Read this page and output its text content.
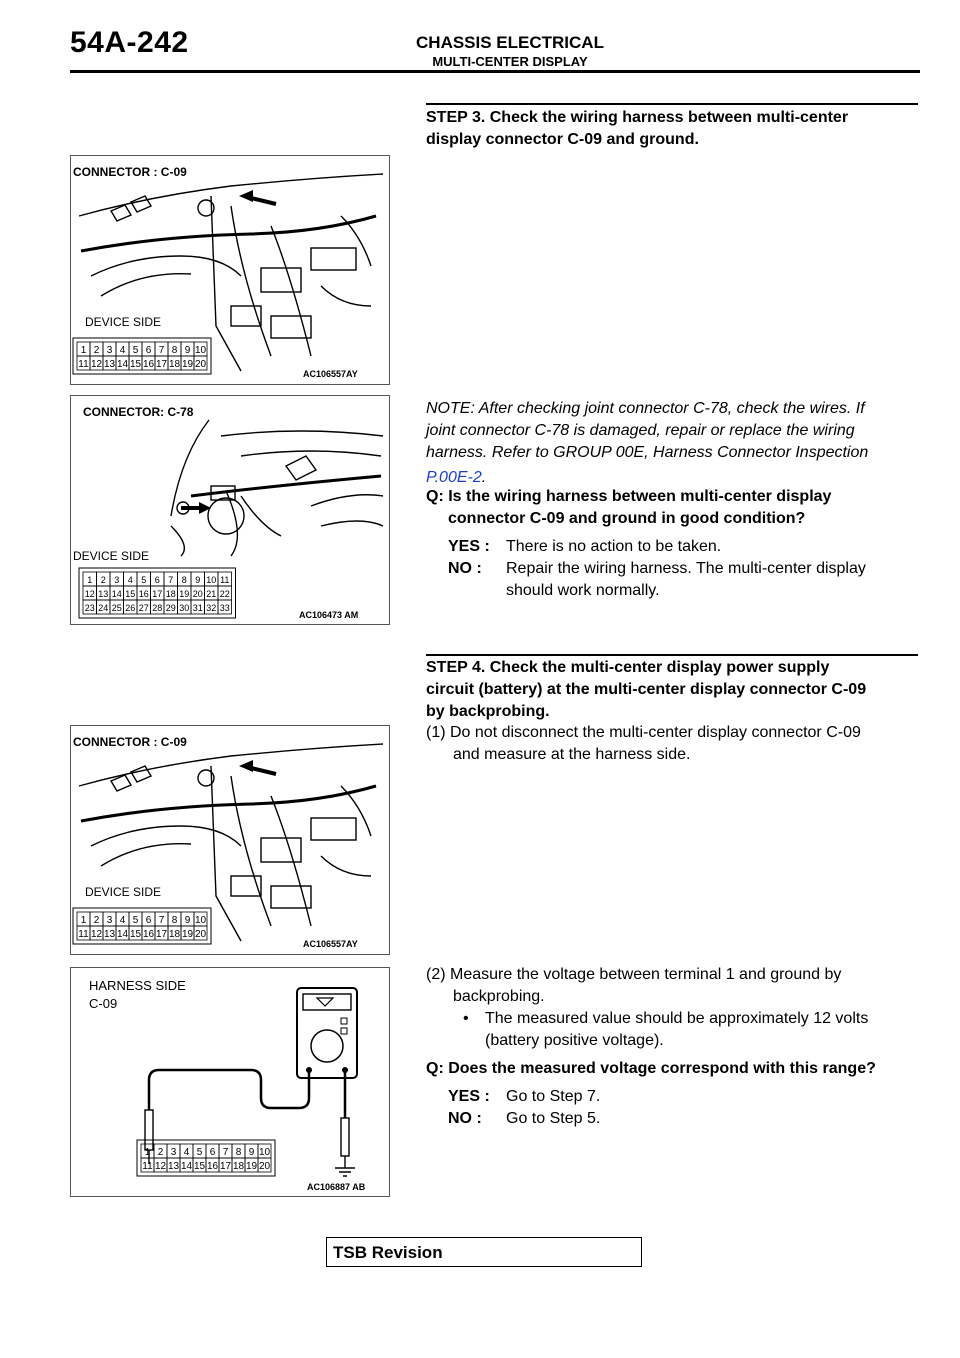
54A-242	CHASSIS ELECTRICAL
MULTI-CENTER DISPLAY
STEP 3. Check the wiring harness between multi-center
display connector C-09 and ground.
CONNECTOR : C-09
DEVICE SIDE
1 2 3 4 5 6 7 8 9 10
11 12 13 14 15 16 17 18 19 20
AC106557AY
NOTE: After checking joint connector C-78, check the wires. If
joint connector C-78 is damaged, repair or replace the wiring
harness. Refer to GROUP 00E, Harness Connector Inspection
P.00E-2.
CONNECTOR: C-78
DEVICE SIDE
1 2 3 4 5 6 7 8 9 10 11
12 13 14 15 16 17 18 19 20 21 22
23 24 25 26 27 28 29 30 31 32 33
AC106473 AM
Q: Is the wiring harness between multi-center display
connector C-09 and ground in good condition?
YES :	There is no action to be taken.
NO :	Repair the wiring harness. The multi-center display
should work normally.
STEP 4. Check the multi-center display power supply
circuit (battery) at the multi-center display connector C-09
by backprobing.
(1) Do not disconnect the multi-center display connector C-09
and measure at the harness side.
CONNECTOR : C-09
DEVICE SIDE
1 2 3 4 5 6 7 8 9 10
11 12 13 14 15 16 17 18 19 20
AC106557AY
HARNESS SIDE
C-09
1 2 3 4 5 6 7 8 9 10
11 12 13 14 15 16 17 18 19 20
AC106887 AB
(2) Measure the voltage between terminal 1 and ground by
backprobing.
•	The measured value should be approximately 12 volts
(battery positive voltage).
Q: Does the measured voltage correspond with this range?
YES :	Go to Step 7.
NO :	Go to Step 5.
TSB Revision
